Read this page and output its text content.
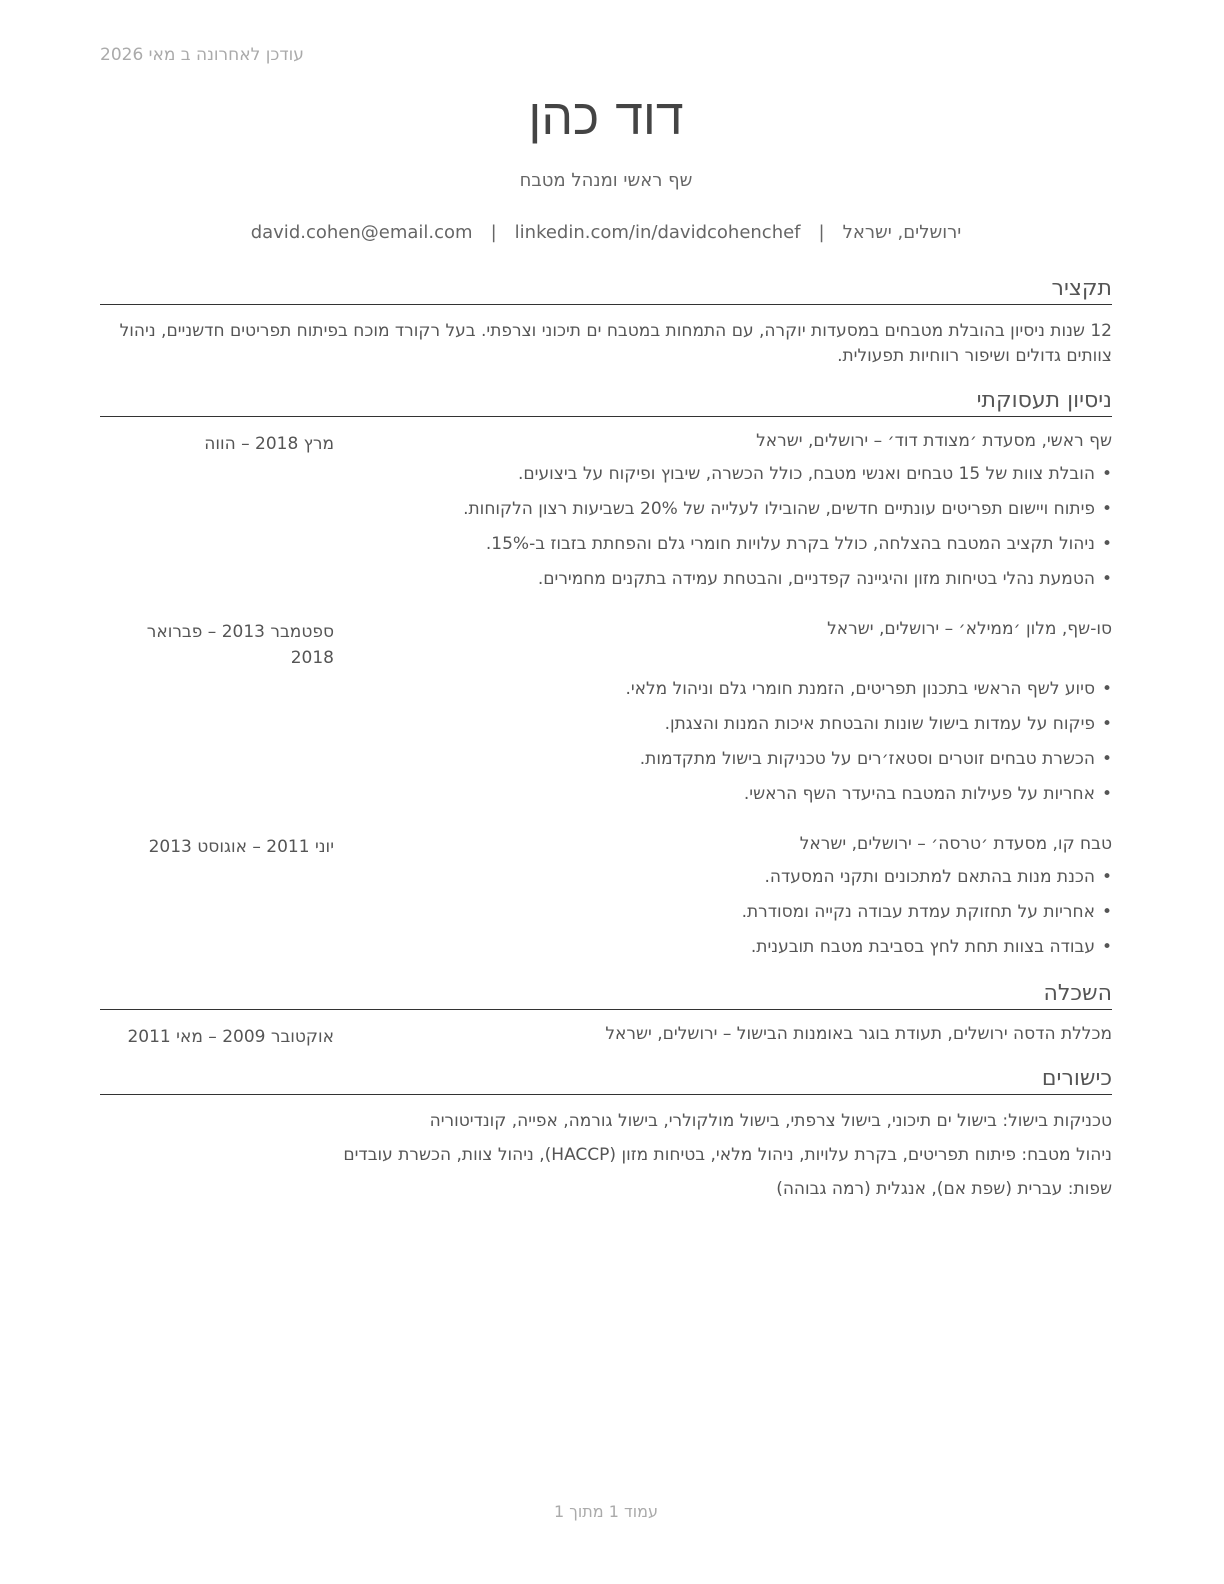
עודכן לאחרונה ב מאי 2026
דוד כהן
שף ראשי ומנהל מטבח
ירושלים, ישראל|david.cohen@email.com | linkedin.com/in/davidcohenchef
תקציר
12 שנות ניסיון בהובלת מטבחים במסעדות יוקרה, עם התמחות במטבח ים תיכוני וצרפתי. בעל רקורד מוכח בפיתוח תפריטים חדשניים, ניהול צוותים גדולים ושיפור רווחיות תפעולית.
ניסיון תעסוקתי
שף ראשי, מסעדת ׳מצודת דוד׳ – ירושלים, ישראל
מרץ 2018 – הווה
• הובלת צוות של 15 טבחים ואנשי מטבח, כולל הכשרה, שיבוץ ופיקוח על ביצועים.
• פיתוח ויישום תפריטים עונתיים חדשים, שהובילו לעלייה של 20% בשביעות רצון הלקוחות.
• ניהול תקציב המטבח בהצלחה, כולל בקרת עלויות חומרי גלם והפחתת בזבוז ב-15%.
• הטמעת נהלי בטיחות מזון והיגיינה קפדניים, והבטחת עמידה בתקנים מחמירים.
סו-שף, מלון ׳ממילא׳ – ירושלים, ישראל
ספטמבר 2013 – פברואר 2018
• סיוע לשף הראשי בתכנון תפריטים, הזמנת חומרי גלם וניהול מלאי.
• פיקוח על עמדות בישול שונות והבטחת איכות המנות והצגתן.
• הכשרת טבחים זוטרים וסטאז׳רים על טכניקות בישול מתקדמות.
• אחריות על פעילות המטבח בהיעדר השף הראשי.
טבח קו, מסעדת ׳טרסה׳ – ירושלים, ישראל
יוני 2011 – אוגוסט 2013
• הכנת מנות בהתאם למתכונים ותקני המסעדה.
• אחריות על תחזוקת עמדת עבודה נקייה ומסודרת.
• עבודה בצוות תחת לחץ בסביבת מטבח תובענית.
השכלה
מכללת הדסה ירושלים, תעודת בוגר באומנות הבישול – ירושלים, ישראל
אוקטובר 2009 – מאי 2011
כישורים
טכניקות בישול: בישול ים תיכוני, בישול צרפתי, בישול מולקולרי, בישול גורמה, אפייה, קונדיטוריה
ניהול מטבח: פיתוח תפריטים, בקרת עלויות, ניהול מלאי, בטיחות מזון (HACCP), ניהול צוות, הכשרת עובדים
שפות: עברית (שפת אם), אנגלית (רמה גבוהה)
עמוד 1 מתוך 1
